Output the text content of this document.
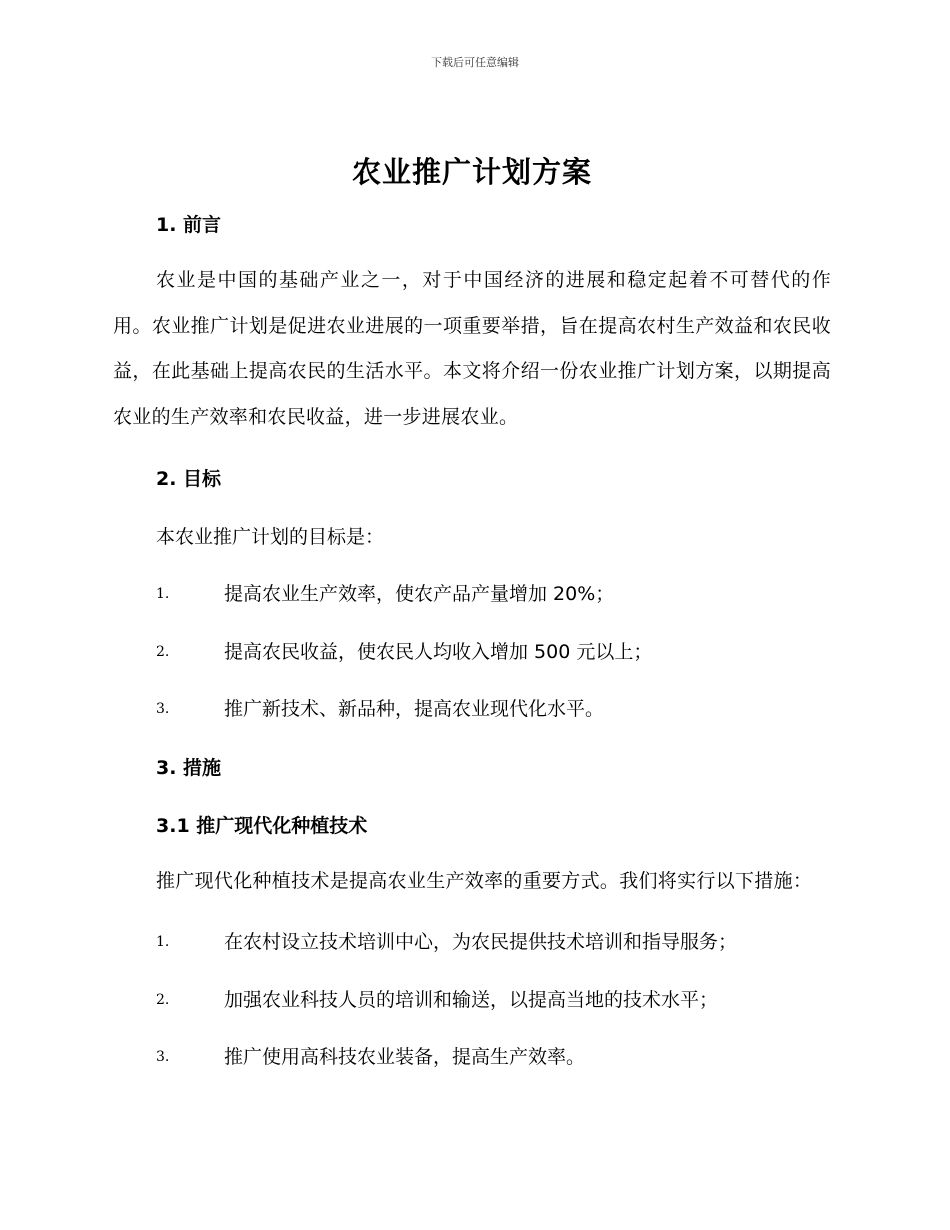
下载后可任意编辑
农业推广计划方案
1. 前言

农业是中国的基础产业之一，对于中国经济的进展和稳定起着不可替代的作用。农业推广计划是促进农业进展的一项重要举措，旨在提高农村生产效益和农民收益，在此基础上提高农民的生活水平。本文将介绍一份农业推广计划方案，以期提高农业的生产效率和农民收益，进一步进展农业。

2. 目标

本农业推广计划的目标是：

1.	提高农业生产效率，使农产品产量增加 20%；
2.	提高农民收益，使农民人均收入增加 500 元以上；
3.	推广新技术、新品种，提高农业现代化水平。
3. 措施
3.1 推广现代化种植技术

推广现代化种植技术是提高农业生产效率的重要方式。我们将实行以下措施：

1.	在农村设立技术培训中心，为农民提供技术培训和指导服务；
2.	加强农业科技人员的培训和输送，以提高当地的技术水平；
3.	推广使用高科技农业装备，提高生产效率。
